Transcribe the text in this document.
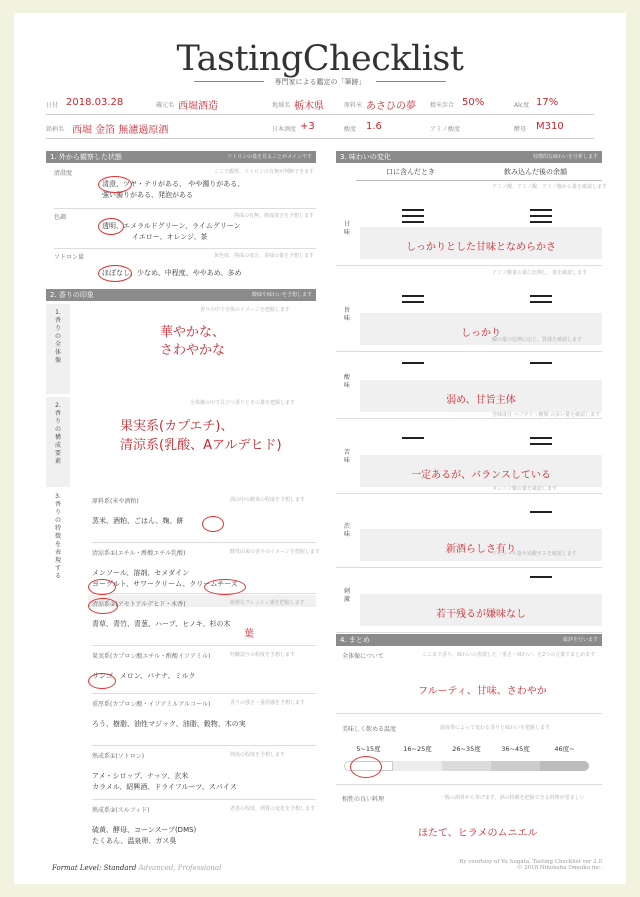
TastingChecklist
専門家による鑑定の「筆跡」
日付 2018.03.28	蔵元名 西堀酒造	地域名 栃木県	原料米 あさひの夢 精米歩合 50%	Alc度 17%
銘柄名 西堀 金箔 無濾過原酒	日本酒度 +3	酸度 1.6	アミノ酸度	酵母 M310
1. 外から観察した状態	ソトロンの量を見ることがメインです
清澄度	ここで観察。ソトロンの有無が判断できます
清澄、ツヤ・テリがある、 やや濁りがある、
強い濁りがある、発泡がある
色調	熟成の有無、熟成度合を予想します
透明、エメラルドグリーン、ライムグリーン
イエロー、オレンジ、茶
ソトロン量	黄色度、熟成の度合、香味の量を予想します
ほぼなし、少なめ、中程度、ややあめ、多め
2. 香りの印象	酸味や味わいを予想します
1.香りの全体像
香りの中で全体のイメージを把握します
華やかな、
さわやかな
2.香りの構成要素
全体像の中で目立つ香りとその量を把握します
果実系(カプエチ)、
清涼系(乳酸、Aアルデヒド)
3.香りの特徴を表現する
原料系(米や酒粕)	酒の中の精米の程度を予想します
蒸米、酒粕、ごはん、麹、餅
清涼系①(エチル・酢酸エチル乳酸)	酵母由来の香りのイメージを把握します
メンソール、溶剤、セメダイン
ヨーグルト、サワークリーム、クリームチーズ
清涼系②(アセトアルデヒド・木香)	新鮮なフレッシュ感を把握します
青草、青竹、青葱、ハーブ、ヒノキ、杉の木
果実系(カプロン酸エチル・酢酸イソアミル)	吟醸造りの程度を予想します
リンゴ、メロン、バナナ、ミルク
重厚系(カプロン酸・イソアミルアルコール)	香りの強さ・重厚感を予想します
ろう、樹脂、油性マジック、油脂、穀物、木の実
熟成系①(ソトロン)	熟成の程度を予想します
アメ・シロップ、ナッツ、玄米
カラメル、紹興酒、ドライフルーツ、スパイス
熟成系②(スルフィド)	老香の程度、酒質の変化を予想します
硫黄、酵母、コーンスープ(DMS)
たくあん、温泉卵、ガス臭
葉
3. 味わいの変化	特徴的な味わいを分析します
口に含んだとき	飲み込んだ後の余韻
甘味
アミノ酸、アミノ酸、アミノ酸から量を確認します
しっかりとした甘味となめらかさ
旨味
アミノ酸量の量に比例し、量を確認します
しっかり
酸味
酸の量の比例に応じ、質感を確認します
弱め、甘旨主体
苦味
苦味成分 ペプチド・糖類 の多い量を確認します
一定あるが、バランスしている
渋味
タンニン類の量を確認します
新酒らしさ有り
刺激
アルコール量や炭酸ガスを確認します
若干残るが嫌味なし
4. まとめ	総評を行います
全体像について	ここまで香り、味わいの表現した「重さ・味わい」を2つの言葉でまとめます
フルーティ、甘味、さわやか
美味しく飲める温度	温度帯によって変わる香りと味わいを把握します
5~15度	16~25度	26~35度	36~45度	46度~
相性の良い料理	一般の酒肴から挙げます。酒の特徴を把握できる料理が望ましい
ほたて、ヒラメのムニエル
Format Level: Standard Advanced, Professional
By courtesy of Yu Sugata. Tasting Checklist ver 2.0
© 2018 Nihonshu Omoiku inc.
